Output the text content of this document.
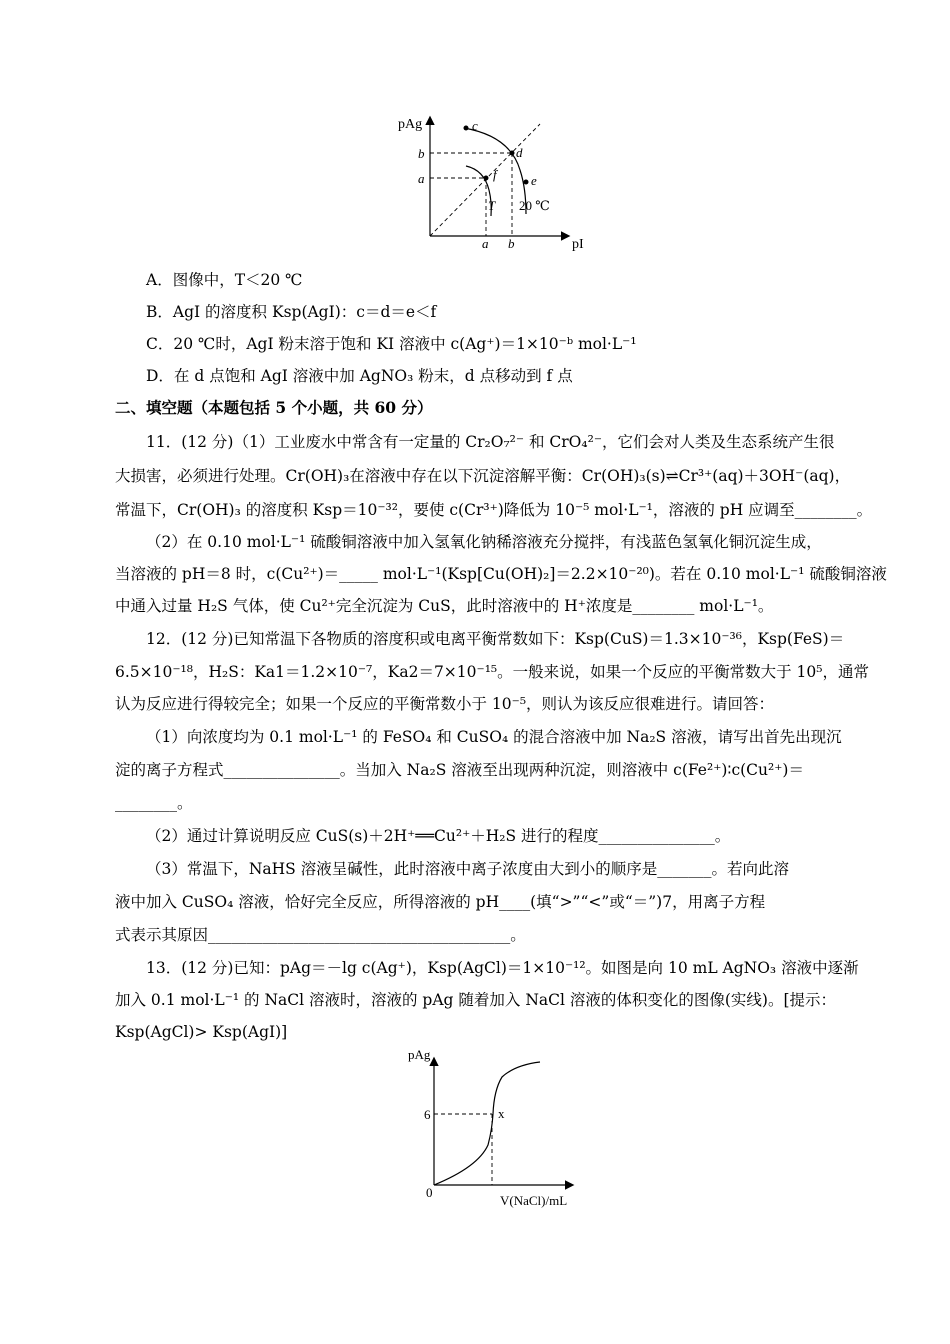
pAg
pI
b
a
a b
c
d
e
f
T 20 ℃
A．图像中，T＜20 ℃
B．AgI 的溶度积 Ksp(AgI)：c＝d＝e＜f
C．20 ℃时，AgI 粉末溶于饱和 KI 溶液中 c(Ag⁺)＝1×10⁻ᵇ mol·L⁻¹
D．在 d 点饱和 AgI 溶液中加 AgNO₃ 粉末，d 点移动到 f 点
二、填空题（本题包括 5 个小题，共 60 分）
11．(12 分)（1）工业废水中常含有一定量的 Cr₂O₇²⁻ 和 CrO₄²⁻，它们会对人类及生态系统产生很
大损害，必须进行处理。Cr(OH)₃在溶液中存在以下沉淀溶解平衡：Cr(OH)₃(s)⇌Cr³⁺(aq)＋3OH⁻(aq)，
常温下，Cr(OH)₃ 的溶度积 Ksp＝10⁻³²，要使 c(Cr³⁺)降低为 10⁻⁵ mol·L⁻¹，溶液的 pH 应调至________。
（2）在 0.10 mol·L⁻¹ 硫酸铜溶液中加入氢氧化钠稀溶液充分搅拌，有浅蓝色氢氧化铜沉淀生成，
当溶液的 pH＝8 时，c(Cu²⁺)＝_____ mol·L⁻¹(Ksp[Cu(OH)₂]＝2.2×10⁻²⁰)。若在 0.10 mol·L⁻¹ 硫酸铜溶液
中通入过量 H₂S 气体，使 Cu²⁺完全沉淀为 CuS，此时溶液中的 H⁺浓度是________ mol·L⁻¹。
12．(12 分)已知常温下各物质的溶度积或电离平衡常数如下：Ksp(CuS)＝1.3×10⁻³⁶，Ksp(FeS)＝
6.5×10⁻¹⁸，H₂S：Ka1＝1.2×10⁻⁷，Ka2＝7×10⁻¹⁵。一般来说，如果一个反应的平衡常数大于 10⁵，通常
认为反应进行得较完全；如果一个反应的平衡常数小于 10⁻⁵，则认为该反应很难进行。请回答：
（1）向浓度均为 0.1 mol·L⁻¹ 的 FeSO₄ 和 CuSO₄ 的混合溶液中加 Na₂S 溶液，请写出首先出现沉
淀的离子方程式_______________。当加入 Na₂S 溶液至出现两种沉淀，则溶液中 c(Fe²⁺)∶c(Cu²⁺)＝
________。
（2）通过计算说明反应 CuS(s)＋2H⁺══Cu²⁺＋H₂S 进行的程度_______________。
（3）常温下，NaHS 溶液呈碱性，此时溶液中离子浓度由大到小的顺序是_______。若向此溶
液中加入 CuSO₄ 溶液，恰好完全反应，所得溶液的 pH____(填“>”“<”或“＝”)7，用离子方程
式表示其原因_______________________________________。
13．(12 分)已知：pAg＝－lg c(Ag⁺)，Ksp(AgCl)＝1×10⁻¹²。如图是向 10 mL AgNO₃ 溶液中逐渐
加入 0.1 mol·L⁻¹ 的 NaCl 溶液时，溶液的 pAg 随着加入 NaCl 溶液的体积变化的图像(实线)。[提示：
Ksp(AgCl)> Ksp(AgI)]
pAg
6
0
x
V(NaCl)/mL
